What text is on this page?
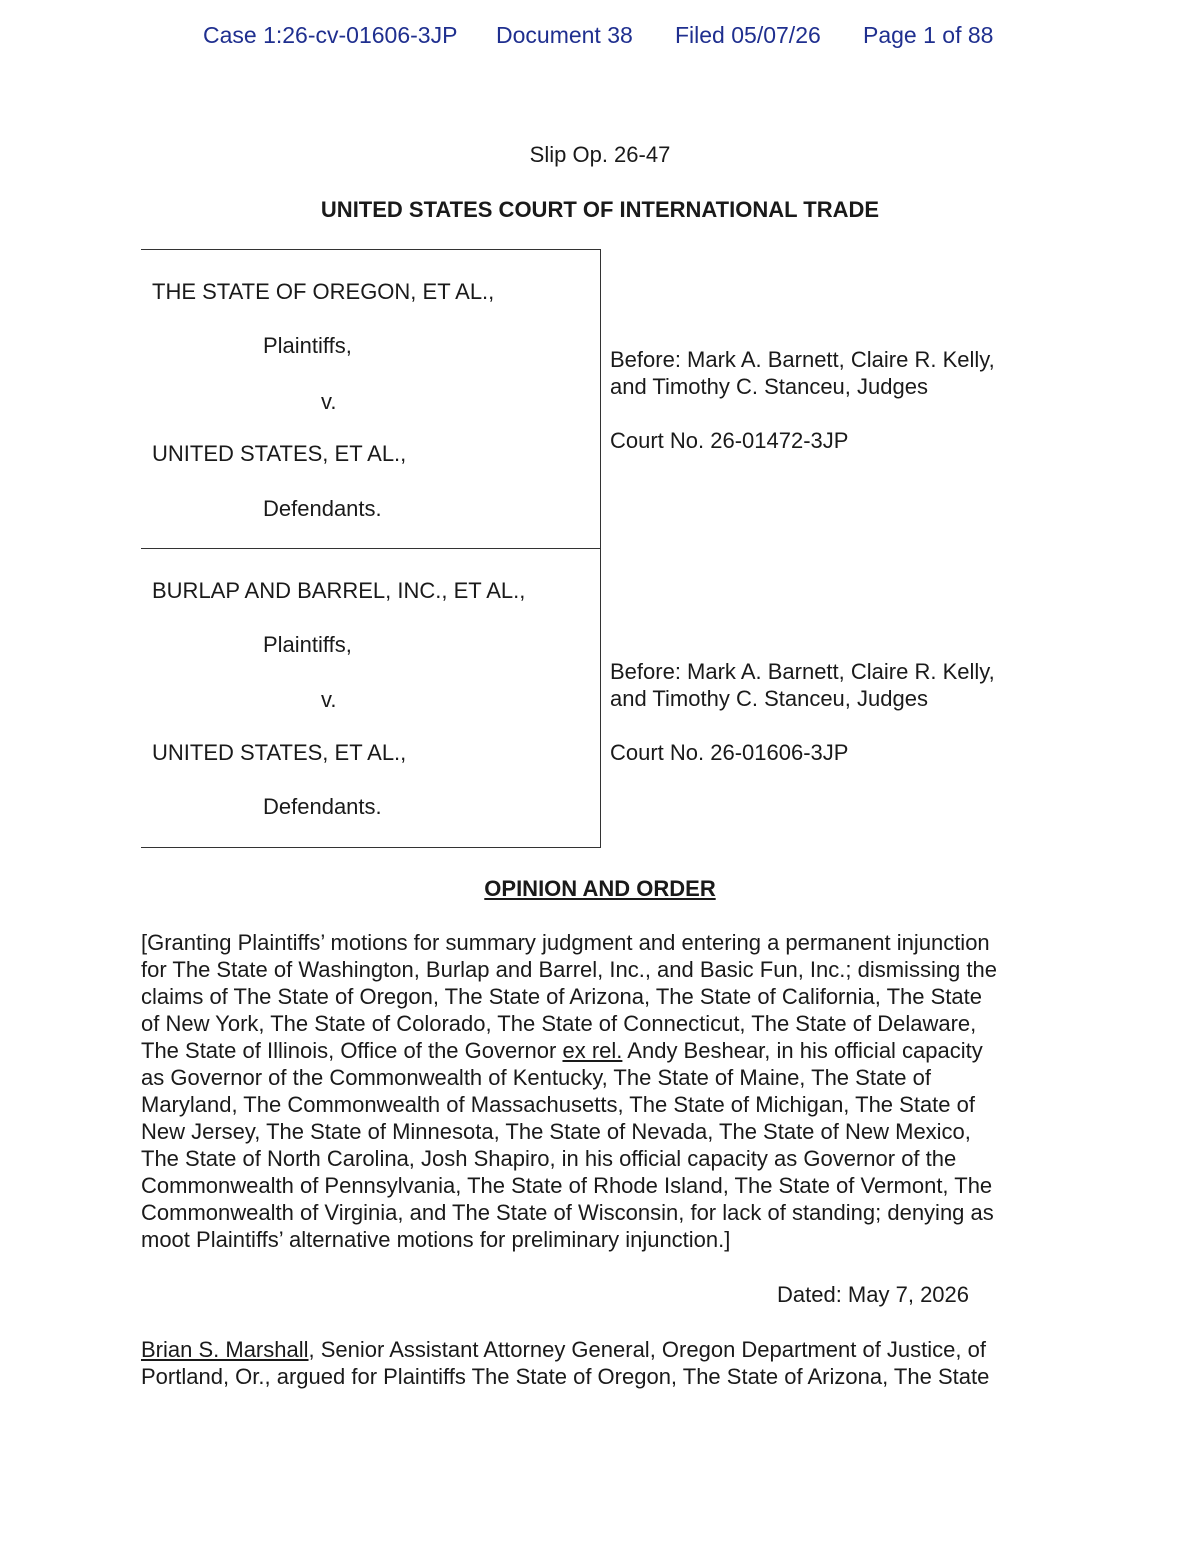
Case 1:26-cv-01606-3JP Document 38 Filed 05/07/26 Page 1 of 88
Slip Op. 26-47
UNITED STATES COURT OF INTERNATIONAL TRADE
THE STATE OF OREGON, ET AL.,
Plaintiffs,
v.
UNITED STATES, ET AL.,
Defendants.
Before: Mark A. Barnett, Claire R. Kelly,
and Timothy C. Stanceu, Judges
Court No. 26-01472-3JP
BURLAP AND BARREL, INC., ET AL.,
Plaintiffs,
v.
UNITED STATES, ET AL.,
Defendants.
Before: Mark A. Barnett, Claire R. Kelly,
and Timothy C. Stanceu, Judges
Court No. 26-01606-3JP
OPINION AND ORDER
[Granting Plaintiffs’ motions for summary judgment and entering a permanent injunction
for The State of Washington, Burlap and Barrel, Inc., and Basic Fun, Inc.; dismissing the
claims of The State of Oregon, The State of Arizona, The State of California, The State
of New York, The State of Colorado, The State of Connecticut, The State of Delaware,
The State of Illinois, Office of the Governor ex rel. Andy Beshear, in his official capacity
as Governor of the Commonwealth of Kentucky, The State of Maine, The State of
Maryland, The Commonwealth of Massachusetts, The State of Michigan, The State of
New Jersey, The State of Minnesota, The State of Nevada, The State of New Mexico,
The State of North Carolina, Josh Shapiro, in his official capacity as Governor of the
Commonwealth of Pennsylvania, The State of Rhode Island, The State of Vermont, The
Commonwealth of Virginia, and The State of Wisconsin, for lack of standing; denying as
moot Plaintiffs’ alternative motions for preliminary injunction.]
Dated: May 7, 2026
Brian S. Marshall, Senior Assistant Attorney General, Oregon Department of Justice, of
Portland, Or., argued for Plaintiffs The State of Oregon, The State of Arizona, The State
